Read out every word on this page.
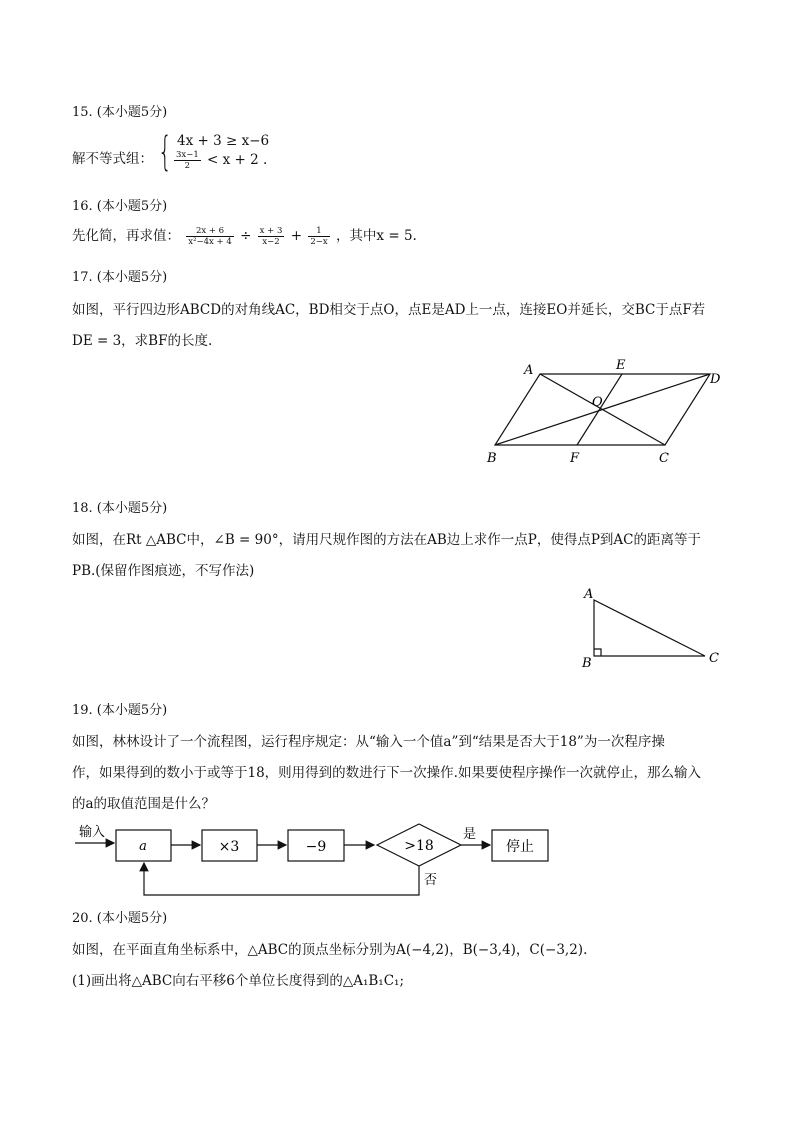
15. (本小题5分)
解不等式组： { 4x + 3 ≥ x−6
$\frac{3x-1}{2} < x + 2$ .
16. (本小题5分)
先化简，再求值： $\frac{2x + 6}{\text{x²−4x + 4}} \div \frac{x + 3}{x-2} + \frac{1}{2-x}$ ，其中x = 5.
17. (本小题5分)
如图，平行四边形ABCD的对角线AC，BD相交于点O，点E是AD上一点，连接EO并延长，交BC于点F若
DE = 3，求BF的长度.
A	E
D
O
B	F	C
18. (本小题5分)
如图，在Rt △ABC中，∠B = 90°，请用尺规作图的方法在AB边上求作一点P，使得点P到AC的距离等于
PB.(保留作图痕迹，不写作法)
A
B	C
19. (本小题5分)
如图，林林设计了一个流程图，运行程序规定：从“输入一个值a”到“结果是否大于18”为一次程序操
作，如果得到的数小于或等于18，则用得到的数进行下一次操作.如果要使程序操作一次就停止，那么输入
的a的取值范围是什么？
输入
a	×3	−9	>18
是
停止
否
20. (本小题5分)
如图，在平面直角坐标系中，△ABC的顶点坐标分别为A(−4,2)，B(−3,4)，C(−3,2).
(1)画出将△ABC向右平移6个单位长度得到的△A₁B₁C₁;
